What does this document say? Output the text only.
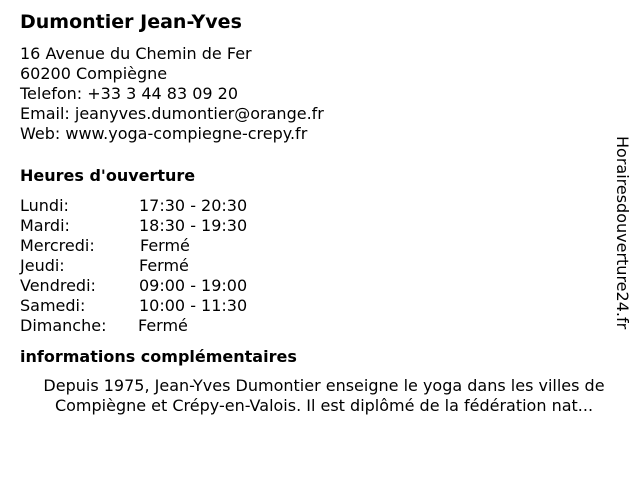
Dumontier Jean-Yves
16 Avenue du Chemin de Fer
60200 Compiègne
Telefon: +33 3 44 83 09 20
Email: jeanyves.dumontier@orange.fr
Web: www.yoga-compiegne-crepy.fr
Heures d'ouverture
Lundi:	17:30 - 20:30
Mardi:	18:30 - 19:30
Mercredi:	Fermé
Jeudi:	Fermé
Vendredi:	09:00 - 19:00
Samedi:	10:00 - 11:30
Dimanche: Fermé
informations complémentaires
Depuis 1975, Jean-Yves Dumontier enseigne le yoga dans les villes de
Compiègne et Crépy-en-Valois. Il est diplômé de la fédération nat...
Horairesdouverture24.fr
